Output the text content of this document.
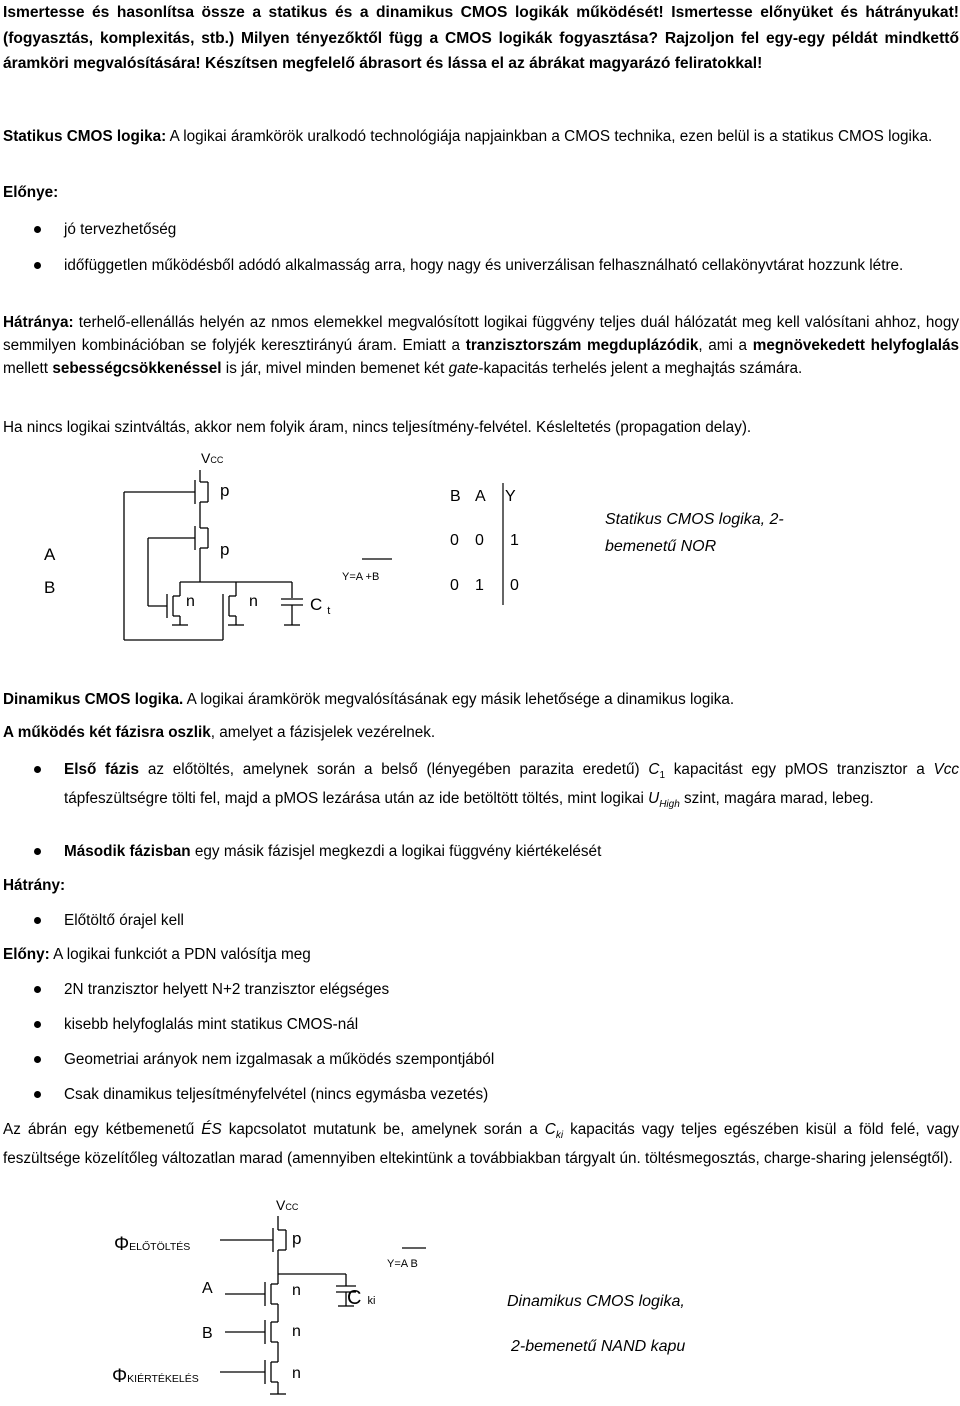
Ismertesse és hasonlítsa össze a statikus és a dinamikus CMOS logikák működését! Ismertesse előnyüket és hátrányukat! (fogyasztás, komplexitás, stb.) Milyen tényezőktől függ a CMOS logikák fogyasztása? Rajzoljon fel egy-egy példát mindkettő áramköri megvalósítására! Készítsen megfelelő ábrasort és lássa el az ábrákat magyarázó feliratokkal!

Statikus CMOS logika: A logikai áramkörök uralkodó technológiája napjainkban a CMOS technika, ezen belül is a statikus CMOS logika.

Előnye:

jó tervezhetőség
időfüggetlen működésből adódó alkalmasság arra, hogy nagy és univerzálisan felhasználható cellakönyvtárat hozzunk létre.

Hátránya: terhelő-ellenállás helyén az nmos elemekkel megvalósított logikai függvény teljes duál hálózatát meg kell valósítani ahhoz, hogy semmilyen kombinációban se folyjék keresztirányú áram. Emiatt a tranzisztorszám megduplázódik, ami a megnövekedett helyfoglalás mellett sebességcsökkenéssel is jár, mivel minden bemenet két gate-kapacitás terhelés jelent a meghajtás számára.

Ha nincs logikai szintváltás, akkor nem folyik áram, nincs teljesítmény-felvétel. Késleltetés (propagation delay).

VCC
p
p
A
B
n	n	C $_t$
Y=A +B
B A Y
0 0 1
0 1 0
Statikus CMOS logika, 2-
bemenetű NOR

Dinamikus CMOS logika. A logikai áramkörök megvalósításának egy másik lehetősége a dinamikus logika.

A működés két fázisra oszlik, amelyet a fázisjelek vezérelnek.

Első fázis az előtöltés, amelynek során a belső (lényegében parazita eredetű) $C_1$ kapacitást egy pMOS tranzisztor a Vcc tápfeszültségre tölti fel, majd a pMOS lezárása után az ide betöltött töltés, mint logikai $U_{High}$ szint, magára marad, lebeg.
Második fázisban egy másik fázisjel megkezdi a logikai függvény kiértékelését

Hátrány:

Előtöltő órajel kell

Előny: A logikai funkciót a PDN valósítja meg

2N tranzisztor helyett N+2 tranzisztor elégséges
kisebb helyfoglalás mint statikus CMOS-nál
Geometriai arányok nem izgalmasak a működés szempontjából
Csak dinamikus teljesítményfelvétel (nincs egymásba vezetés)

Az ábrán egy kétbemenetű ÉS kapcsolatot mutatunk be, amelynek során a $C_{ki}$ kapacitás vagy teljes egészében kisül a föld felé, vagy feszültsége közelítőleg változatlan marad (amennyiben eltekintünk a továbbiakban tárgyalt ún. töltésmegosztás, charge-sharing jelenségtől).

VCC
ΦELŐTÖLTÉS
ΦKIÉRTÉKELÉS
p
A
B
n
n
n
Cki
Y=A B
Dinamikus CMOS logika,
2-bemenetű NAND kapu
